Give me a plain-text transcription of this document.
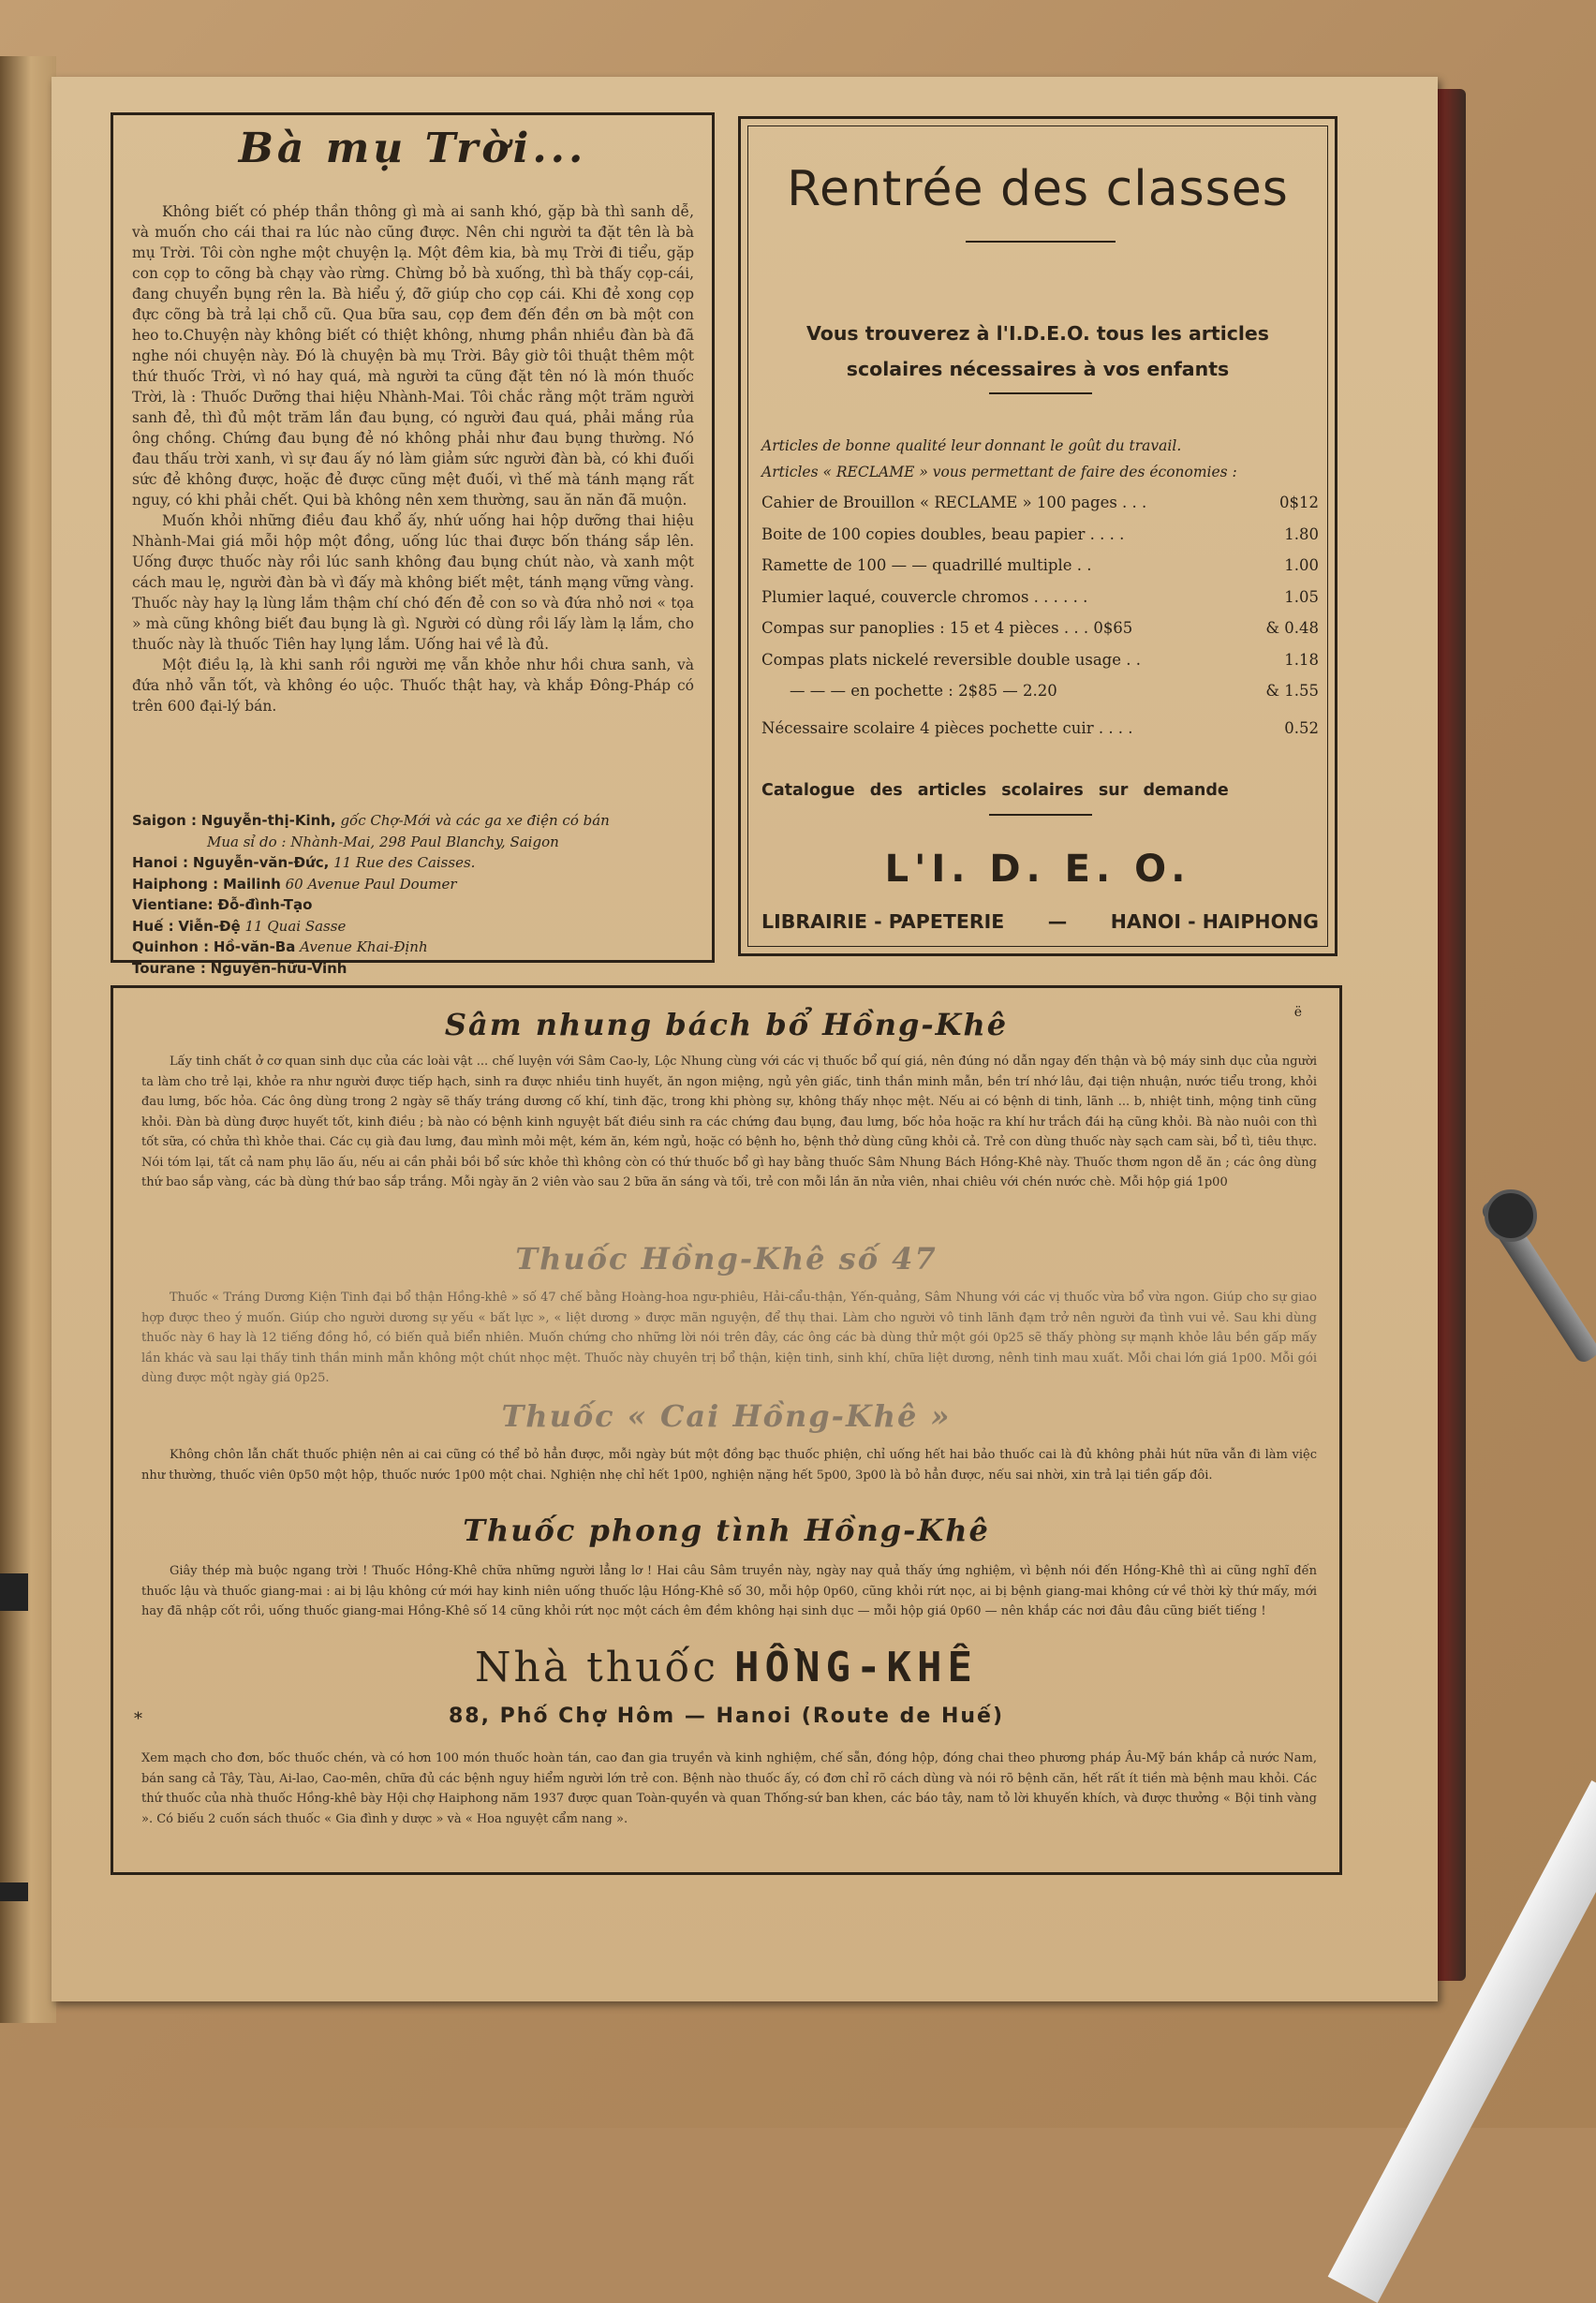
Bà mụ Trời...

Không biết có phép thần thông gì mà ai sanh khó, gặp bà thì sanh dễ, và muốn cho cái thai ra lúc nào cũng được. Nên chi người ta đặt tên là bà mụ Trời. Tôi còn nghe một chuyện lạ. Một đêm kia, bà mụ Trời đi tiểu, gặp con cọp to cõng bà chạy vào rừng. Chừng bỏ bà xuống, thì bà thấy cọp-cái, đang chuyển bụng rên la. Bà hiểu ý, đỡ giúp cho cọp cái. Khi đẻ xong cọp đực cõng bà trả lại chỗ cũ. Qua bữa sau, cọp đem đến đền ơn bà một con heo to.Chuyện này không biết có thiệt không, nhưng phần nhiều đàn bà đã nghe nói chuyện này. Đó là chuyện bà mụ Trời. Bây giờ tôi thuật thêm một thứ thuốc Trời, vì nó hay quá, mà người ta cũng đặt tên nó là món thuốc Trời, là : Thuốc Dưỡng thai hiệu Nhành-Mai. Tôi chắc rằng một trăm người sanh đẻ, thì đủ một trăm lần đau bụng, có người đau quá, phải mắng rủa ông chồng. Chứng đau bụng đẻ nó không phải như đau bụng thường. Nó đau thấu trời xanh, vì sự đau ấy nó làm giảm sức người đàn bà, có khi đuối sức đẻ không được, hoặc đẻ được cũng mệt đuối, vì thế mà tánh mạng rất nguy, có khi phải chết. Qui bà không nên xem thường, sau ăn năn đã muộn.

Muốn khỏi những điều đau khổ ấy, nhứ uống hai hộp dưỡng thai hiệu Nhành-Mai giá mỗi hộp một đồng, uống lúc thai được bốn tháng sắp lên. Uống được thuốc này rồi lúc sanh không đau bụng chút nào, và xanh một cách mau lẹ, người đàn bà vì đấy mà không biết mệt, tánh mạng vững vàng. Thuốc này hay lạ lùng lắm thậm chí chó đến đẻ con so và đứa nhỏ nơi « tọa » mà cũng không biết đau bụng là gì. Người có dùng rồi lấy làm lạ lắm, cho thuốc này là thuốc Tiên hay lụng lắm. Uống hai về là đủ.

Một điều lạ, là khi sanh rồi người mẹ vẫn khỏe như hồi chưa sanh, và đứa nhỏ vẫn tốt, và không éo uộc. Thuốc thật hay, và khắp Đông-Pháp có trên 600 đại-lý bán.

Saigon : Nguyễn-thị-Kinh, gốc Chợ-Mới và các ga xe điện có bán
Mua sỉ do : Nhành-Mai, 298 Paul Blanchy, Saigon
Hanoi : Nguyễn-văn-Đức, 11 Rue des Caisses.
Haiphong : Mailinh 60 Avenue Paul Doumer
Vientiane: Đỗ-đình-Tạo
Huế : Viễn-Đệ 11 Quai Sasse
Quinhon : Hồ-văn-Ba Avenue Khai-Định
Tourane : Nguyễn-hữu-Vinh
Rentrée des classes
Vous trouverez à l'I.D.E.O. tous les articles scolaires nécessaires à vos enfants
Articles de bonne qualité leur donnant le goût du travail.
Articles « RECLAME » vous permettant de faire des économies :
Cahier de Brouillon « RECLAME » 100 pages . . .	0$12
Boite de 100 copies doubles, beau papier . . . .	1.80
Ramette de 100 — — quadrillé multiple . .	1.00
Plumier laqué, couvercle chromos . . . . . .	1.05
Compas sur panoplies : 15 et 4 pièces . . . 0$65	& 0.48
Compas plats nickelé reversible double usage . .	1.18
— — — en pochette : 2$85 — 2.20	& 1.55
Nécessaire scolaire 4 pièces pochette cuir . . . .	0.52
Catalogue des articles scolaires sur demande
L'I. D. E. O.
LIBRAIRIE - PAPETERIE — HANOI - HAIPHONG
ë
Sâm nhung bách bổ Hồng-Khê

Lấy tinh chất ở cơ quan sinh dục của các loài vật ... chế luyện với Sâm Cao-ly, Lộc Nhung cùng với các vị thuốc bổ quí giá, nên đúng nó dẫn ngay đến thận và bộ máy sinh dục của người ta làm cho trẻ lại, khỏe ra như người được tiếp hạch, sinh ra được nhiều tinh huyết, ăn ngon miệng, ngủ yên giấc, tinh thần minh mẫn, bền trí nhớ lâu, đại tiện nhuận, nước tiểu trong, khỏi đau lưng, bốc hỏa. Các ông dùng trong 2 ngày sẽ thấy tráng dương cố khí, tinh đặc, trong khi phòng sự, không thấy nhọc mệt. Nếu ai có bệnh di tinh, lãnh ... b, nhiệt tinh, mộng tinh cũng khỏi. Đàn bà dùng được huyết tốt, kinh điều ; bà nào có bệnh kinh nguyệt bất điều sinh ra các chứng đau bụng, đau lưng, bốc hỏa hoặc ra khí hư trắch đái hạ cũng khỏi. Bà nào nuôi con thì tốt sữa, có chửa thì khỏe thai. Các cụ già đau lưng, đau mình mỏi mệt, kém ăn, kém ngủ, hoặc có bệnh ho, bệnh thở dùng cũng khỏi cả. Trẻ con dùng thuốc này sạch cam sài, bổ tì, tiêu thực. Nói tóm lại, tất cả nam phụ lão ấu, nếu ai cần phải bồi bổ sức khỏe thì không còn có thứ thuốc bổ gì hay bằng thuốc Sâm Nhung Bách Hồng-Khê này. Thuốc thơm ngon dễ ăn ; các ông dùng thứ bao sắp vàng, các bà dùng thứ bao sắp trắng. Mỗi ngày ăn 2 viên vào sau 2 bữa ăn sáng và tối, trẻ con mỗi lần ăn nửa viên, nhai chiêu với chén nước chè. Mỗi hộp giá 1p00

Thuốc Hồng-Khê số 47

Thuốc « Tráng Dương Kiện Tinh đại bổ thận Hồng-khê » số 47 chế bằng Hoàng-hoa ngư-phiêu, Hải-cẩu-thận, Yến-quảng, Sâm Nhung với các vị thuốc vừa bổ vừa ngon. Giúp cho sự giao hợp được theo ý muốn. Giúp cho người dương sự yếu « bất lực », « liệt dương » được mãn nguyện, để thụ thai. Làm cho người vô tinh lãnh đạm trở nên người đa tình vui vẻ. Sau khi dùng thuốc này 6 hay là 12 tiếng đồng hồ, có biến quả biển nhiên. Muốn chứng cho những lời nói trên đây, các ông các bà dùng thử một gói 0p25 sẽ thấy phòng sự mạnh khỏe lâu bền gấp mấy lần khác và sau lại thấy tinh thần minh mẫn không một chút nhọc mệt. Thuốc này chuyên trị bổ thận, kiện tinh, sinh khí, chữa liệt dương, nênh tinh mau xuất. Mỗi chai lớn giá 1p00. Mỗi gói dùng được một ngày giá 0p25.

Thuốc « Cai Hồng-Khê »

Không chôn lẫn chất thuốc phiện nên ai cai cũng có thể bỏ hẳn được, mỗi ngày bút một đồng bạc thuốc phiện, chỉ uống hết hai bảo thuốc cai là đủ không phải hút nữa vẫn đi làm việc như thường, thuốc viên 0p50 một hộp, thuốc nước 1p00 một chai. Nghiện nhẹ chỉ hết 1p00, nghiện nặng hết 5p00, 3p00 là bỏ hẳn được, nếu sai nhời, xin trả lại tiền gấp đôi.

Thuốc phong tình Hồng-Khê

Giây thép mà buộc ngang trời ! Thuốc Hồng-Khê chữa những người lẳng lơ ! Hai câu Sâm truyền này, ngày nay quả thấy ứng nghiệm, vì bệnh nói đến Hồng-Khê thì ai cũng nghĩ đến thuốc lậu và thuốc giang-mai : ai bị lậu không cứ mới hay kinh niên uống thuốc lậu Hồng-Khê số 30, mỗi hộp 0p60, cũng khỏi rứt nọc, ai bị bệnh giang-mai không cứ về thời kỳ thứ mấy, mới hay đã nhập cốt rồi, uống thuốc giang-mai Hồng-Khê số 14 cũng khỏi rứt nọc một cách êm đềm không hại sinh dục — mỗi hộp giá 0p60 — nên khắp các nơi đâu đâu cũng biết tiếng !

Nhà thuốc HỒNG-KHÊ
*	88, Phố Chợ Hôm — Hanoi (Route de Huế)

Xem mạch cho đơn, bốc thuốc chén, và có hơn 100 món thuốc hoàn tán, cao đan gia truyền và kinh nghiệm, chế sẵn, đóng hộp, đóng chai theo phương pháp Âu-Mỹ bán khắp cả nước Nam, bán sang cả Tây, Tàu, Ai-lao, Cao-mên, chữa đủ các bệnh nguy hiểm người lớn trẻ con. Bệnh nào thuốc ấy, có đơn chỉ rõ cách dùng và nói rõ bệnh căn, hết rất ít tiền mà bệnh mau khỏi. Các thứ thuốc của nhà thuốc Hồng-khê bày Hội chợ Haiphong năm 1937 được quan Toàn-quyền và quan Thống-sứ ban khen, các báo tây, nam tỏ lời khuyến khích, và được thưởng « Bội tinh vàng ». Có biếu 2 cuốn sách thuốc « Gia đình y dược » và « Hoa nguyệt cẩm nang ».
